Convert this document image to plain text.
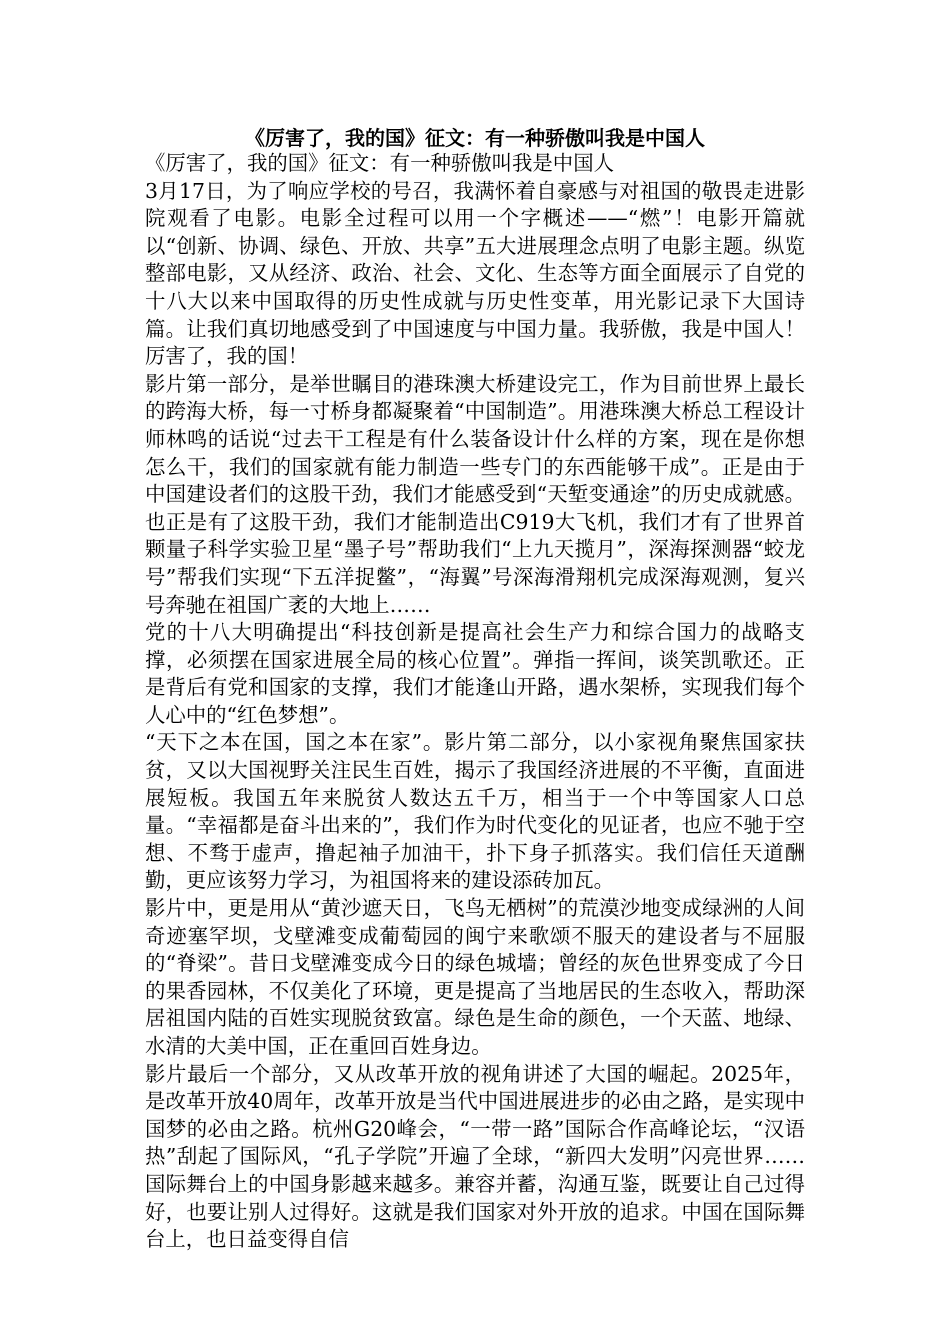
《厉害了，我的国》征文：有一种骄傲叫我是中国人

《厉害了，我的国》征文：有一种骄傲叫我是中国人

3月17日，为了响应学校的号召，我满怀着自豪感与对祖国的敬畏走进影院观看了电影。电影全过程可以用一个字概述——“燃”！电影开篇就以“创新、协调、绿色、开放、共享”五大进展理念点明了电影主题。纵览整部电影，又从经济、政治、社会、文化、生态等方面全面展示了自党的十八大以来中国取得的历史性成就与历史性变革，用光影记录下大国诗篇。让我们真切地感受到了中国速度与中国力量。我骄傲，我是中国人！厉害了，我的国！

影片第一部分，是举世瞩目的港珠澳大桥建设完工，作为目前世界上最长的跨海大桥，每一寸桥身都凝聚着“中国制造”。用港珠澳大桥总工程设计师林鸣的话说“过去干工程是有什么装备设计什么样的方案，现在是你想怎么干，我们的国家就有能力制造一些专门的东西能够干成”。正是由于中国建设者们的这股干劲，我们才能感受到“天堑变通途”的历史成就感。也正是有了这股干劲，我们才能制造出C919大飞机，我们才有了世界首颗量子科学实验卫星“墨子号”帮助我们“上九天揽月”，深海探测器“蛟龙号”帮我们实现“下五洋捉鳖”，“海翼”号深海滑翔机完成深海观测，复兴号奔驰在祖国广袤的大地上……

党的十八大明确提出“科技创新是提高社会生产力和综合国力的战略支撑，必须摆在国家进展全局的核心位置”。弹指一挥间，谈笑凯歌还。正是背后有党和国家的支撑，我们才能逢山开路，遇水架桥，实现我们每个人心中的“红色梦想”。

“天下之本在国，国之本在家”。影片第二部分，以小家视角聚焦国家扶贫，又以大国视野关注民生百姓，揭示了我国经济进展的不平衡，直面进展短板。我国五年来脱贫人数达五千万，相当于一个中等国家人口总量。“幸福都是奋斗出来的”，我们作为时代变化的见证者，也应不驰于空想、不骛于虚声，撸起袖子加油干，扑下身子抓落实。我们信任天道酬勤，更应该努力学习，为祖国将来的建设添砖加瓦。

影片中，更是用从“黄沙遮天日，飞鸟无栖树”的荒漠沙地变成绿洲的人间奇迹塞罕坝，戈壁滩变成葡萄园的闽宁来歌颂不服天的建设者与不屈服的“脊梁”。昔日戈壁滩变成今日的绿色城墙；曾经的灰色世界变成了今日的果香园林，不仅美化了环境，更是提高了当地居民的生态收入，帮助深居祖国内陆的百姓实现脱贫致富。绿色是生命的颜色，一个天蓝、地绿、水清的大美中国，正在重回百姓身边。

影片最后一个部分，又从改革开放的视角讲述了大国的崛起。2025年，是改革开放40周年，改革开放是当代中国进展进步的必由之路，是实现中国梦的必由之路。杭州G20峰会，“一带一路”国际合作高峰论坛，“汉语热”刮起了国际风，“孔子学院”开遍了全球，“新四大发明”闪亮世界……国际舞台上的中国身影越来越多。兼容并蓄，沟通互鉴，既要让自己过得好，也要让别人过得好。这就是我们国家对外开放的追求。中国在国际舞台上，也日益变得自信
